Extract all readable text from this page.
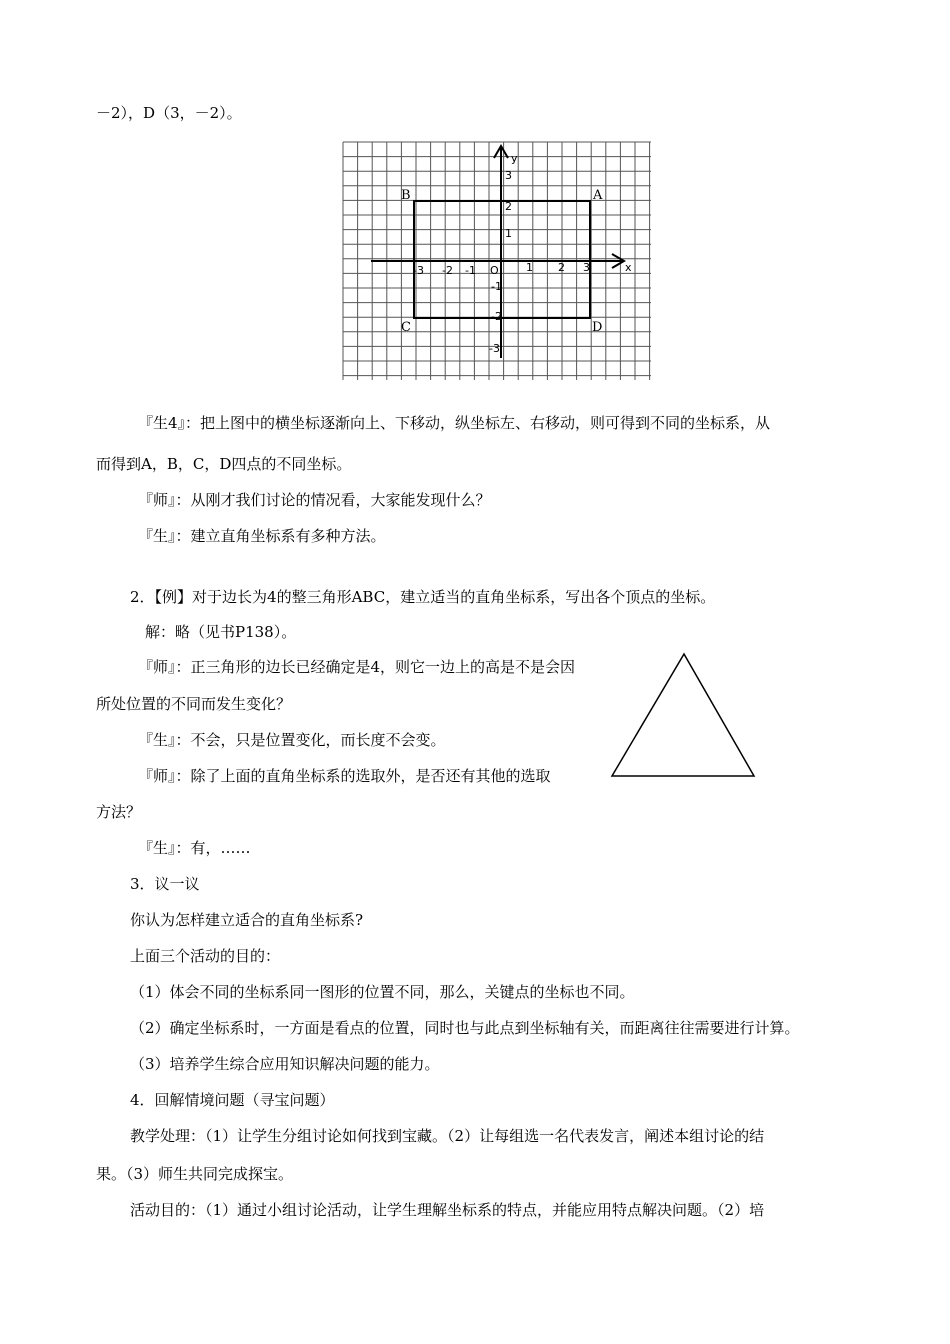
－2），D（3，－2）。
x
y
O
-3 -2 -1	1 2 3
3
2
1
-1
-2
-3
A
B
C	D
『生4』：把上图中的横坐标逐渐向上、下移动，纵坐标左、右移动，则可得到不同的坐标系，从
而得到A，B，C，D四点的不同坐标。
『师』：从刚才我们讨论的情况看，大家能发现什么？
『生』：建立直角坐标系有多种方法。
2．【例】对于边长为4的整三角形ABC，建立适当的直角坐标系，写出各个顶点的坐标。
解：略（见书P138）。
『师』：正三角形的边长已经确定是4，则它一边上的高是不是会因
所处位置的不同而发生变化？
『生』：不会，只是位置变化，而长度不会变。
『师』：除了上面的直角坐标系的选取外，是否还有其他的选取
方法？
『生』：有，……
3．议一议
你认为怎样建立适合的直角坐标系?
上面三个活动的目的：
（1）体会不同的坐标系同一图形的位置不同，那么，关键点的坐标也不同。
（2）确定坐标系时，一方面是看点的位置，同时也与此点到坐标轴有关，而距离往往需要进行计算。
（3）培养学生综合应用知识解决问题的能力。
4．回解情境问题（寻宝问题）
教学处理：（1）让学生分组讨论如何找到宝藏。（2）让每组选一名代表发言，阐述本组讨论的结
果。（3）师生共同完成探宝。
活动目的：（1）通过小组讨论活动，让学生理解坐标系的特点，并能应用特点解决问题。（2）培
